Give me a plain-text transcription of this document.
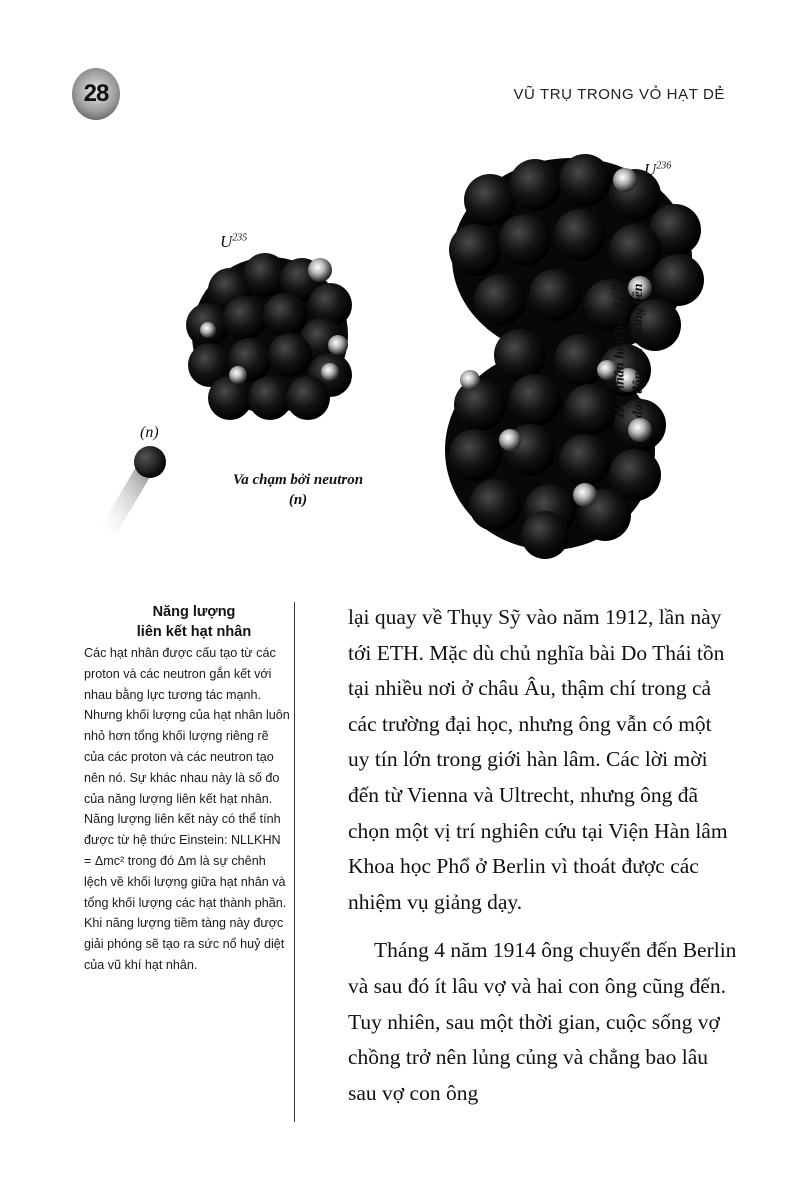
28	VŨ TRỤ TRONG VỎ HẠT DẺ
$U^{235}$
$U^{236}$
(n)
Va chạm bởi neutron
(n)
Hạt nhân hỗn hợp $U^{235}$ dao động và không bền
Năng lượng
liên kết hạt nhân
Các hạt nhân được cấu tạo từ các proton và các neutron gắn kết với nhau bằng lực tương tác mạnh. Nhưng khối lượng của hạt nhân luôn nhỏ hơn tổng khối lượng riêng rẽ của các proton và các neutron tạo nên nó. Sự khác nhau này là số đo của năng lượng liên kết hạt nhân. Năng lượng liên kết này có thể tính được từ hệ thức Einstein: NLLKHN = Δmc² trong đó Δm là sự chênh lệch về khối lượng giữa hạt nhân và tổng khối lượng các hạt thành phần. Khi năng lượng tiềm tàng này được giải phóng sẽ tạo ra sức nổ huỷ diệt của vũ khí hạt nhân.

lại quay về Thụy Sỹ vào năm 1912, lần này tới ETH. Mặc dù chủ nghĩa bài Do Thái tồn tại nhiều nơi ở châu Âu, thậm chí trong cả các trường đại học, nhưng ông vẫn có một uy tín lớn trong giới hàn lâm. Các lời mời đến từ Vienna và Ultrecht, nhưng ông đã chọn một vị trí nghiên cứu tại Viện Hàn lâm Khoa học Phổ ở Berlin vì thoát được các nhiệm vụ giảng dạy.

Tháng 4 năm 1914 ông chuyển đến Berlin và sau đó ít lâu vợ và hai con ông cũng đến. Tuy nhiên, sau một thời gian, cuộc sống vợ chồng trở nên lủng củng và chẳng bao lâu sau vợ con ông
